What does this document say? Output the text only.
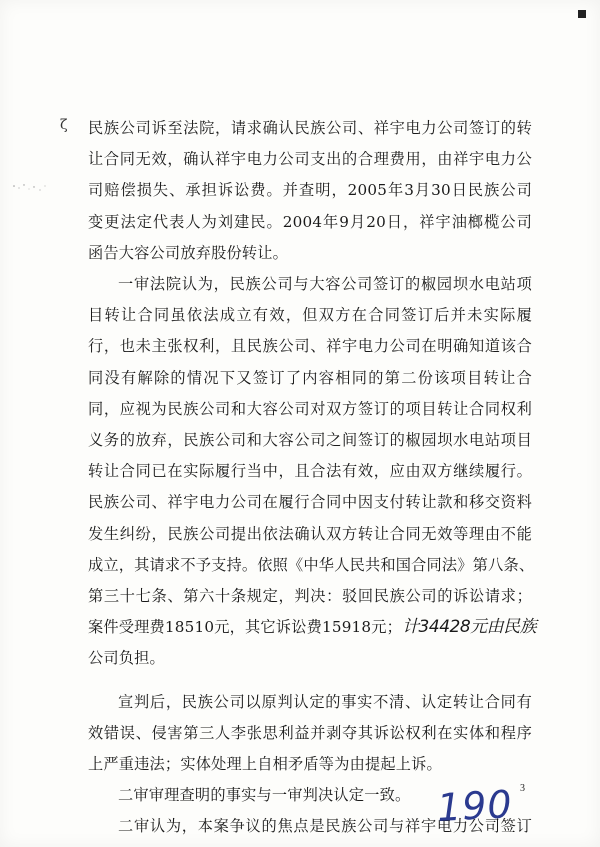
ζ 民族公司诉至法院，请求确认民族公司、祥宇电力公司签订的转
让合同无效，确认祥宇电力公司支出的合理费用，由祥宇电力公
司赔偿损失、承担诉讼费。并查明，2005年3月30日民族公司
变更法定代表人为刘建民。2004年9月20日，祥宇油榔榄公司
函告大容公司放弃股份转让。
一审法院认为，民族公司与大容公司签订的椒园坝水电站项
目转让合同虽依法成立有效，但双方在合同签订后并未实际履
行，也未主张权利，且民族公司、祥宇电力公司在明确知道该合
同没有解除的情况下又签订了内容相同的第二份该项目转让合
同，应视为民族公司和大容公司对双方签订的项目转让合同权利
义务的放弃，民族公司和大容公司之间签订的椒园坝水电站项目
转让合同已在实际履行当中，且合法有效，应由双方继续履行。
民族公司、祥宇电力公司在履行合同中因支付转让款和移交资料
发生纠纷，民族公司提出依法确认双方转让合同无效等理由不能
成立，其请求不予支持。依照《中华人民共和国合同法》第八条、
第三十七条、第六十条规定，判决：驳回民族公司的诉讼请求；
案件受理费18510元，其它诉讼费15918元；计34428元由民族
公司负担。
宣判后，民族公司以原判认定的事实不清、认定转让合同有
效错误、侵害第三人李张思利益并剥夺其诉讼权利在实体和程序
上严重违法；实体处理上自相矛盾等为由提起上诉。
二审审理查明的事实与一审判决认定一致。
二审认为，本案争议的焦点是民族公司与祥宇电力公司签订
190 3
